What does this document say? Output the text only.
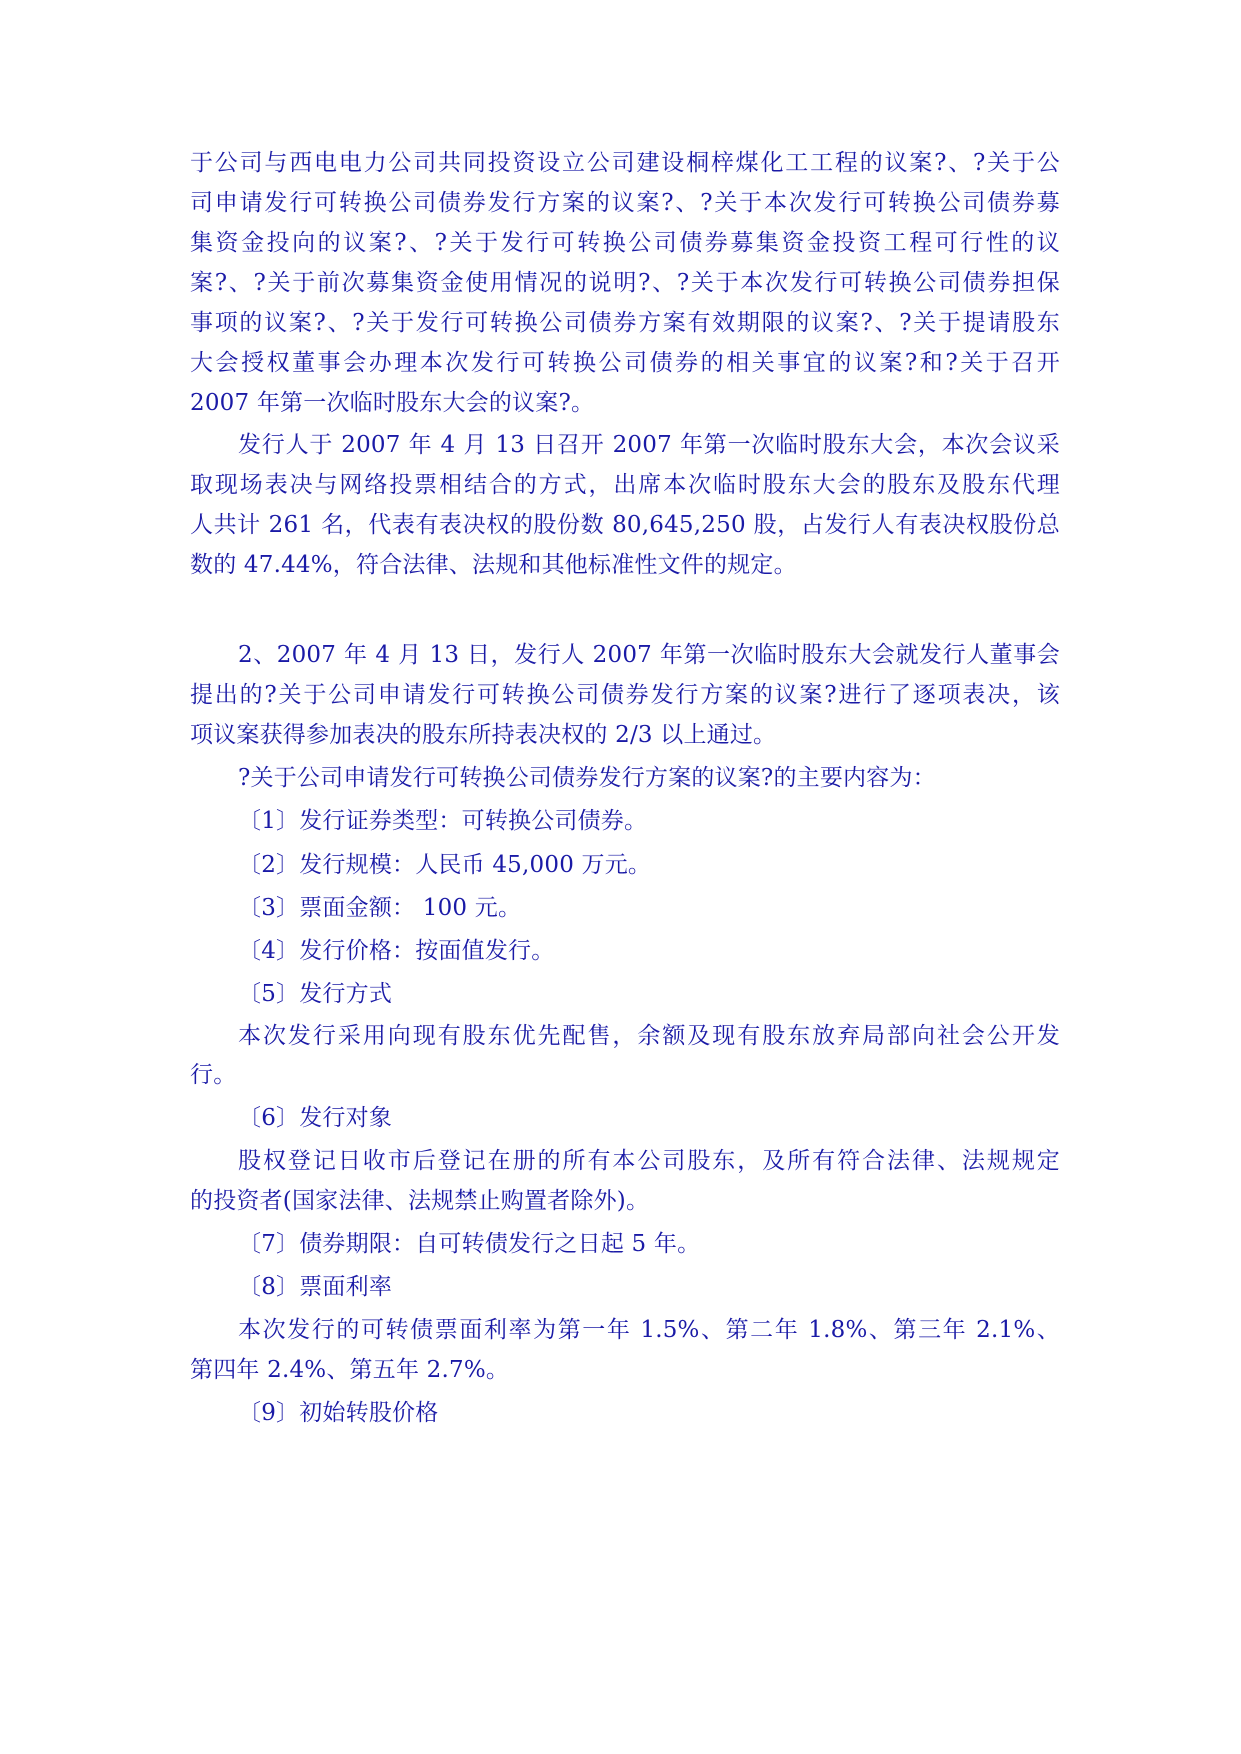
于公司与西电电力公司共同投资设立公司建设桐梓煤化工工程的议案?、?关于公
司申请发行可转换公司债券发行方案的议案?、?关于本次发行可转换公司债券募
集资金投向的议案?、?关于发行可转换公司债券募集资金投资工程可行性的议
案?、?关于前次募集资金使用情况的说明?、?关于本次发行可转换公司债券担保
事项的议案?、?关于发行可转换公司债券方案有效期限的议案?、?关于提请股东
大会授权董事会办理本次发行可转换公司债券的相关事宜的议案?和?关于召开
2007 年第一次临时股东大会的议案?。
发行人于 2007 年 4 月 13 日召开 2007 年第一次临时股东大会，本次会议采
取现场表决与网络投票相结合的方式，出席本次临时股东大会的股东及股东代理
人共计 261 名，代表有表决权的股份数 80,645,250 股，占发行人有表决权股份总
数的 47.44%，符合法律、法规和其他标准性文件的规定。
2、2007 年 4 月 13 日，发行人 2007 年第一次临时股东大会就发行人董事会
提出的?关于公司申请发行可转换公司债券发行方案的议案?进行了逐项表决，该
项议案获得参加表决的股东所持表决权的 2/3 以上通过。
?关于公司申请发行可转换公司债券发行方案的议案?的主要内容为：
〔1〕发行证券类型：可转换公司债券。
〔2〕发行规模：人民币 45,000 万元。
〔3〕票面金额： 100 元。
〔4〕发行价格：按面值发行。
〔5〕发行方式
本次发行采用向现有股东优先配售，余额及现有股东放弃局部向社会公开发
行。
〔6〕发行对象
股权登记日收市后登记在册的所有本公司股东，及所有符合法律、法规规定
的投资者(国家法律、法规禁止购置者除外)。
〔7〕债券期限：自可转债发行之日起 5 年。
〔8〕票面利率
本次发行的可转债票面利率为第一年 1.5%、第二年 1.8%、第三年 2.1%、
第四年 2.4%、第五年 2.7%。
〔9〕初始转股价格
